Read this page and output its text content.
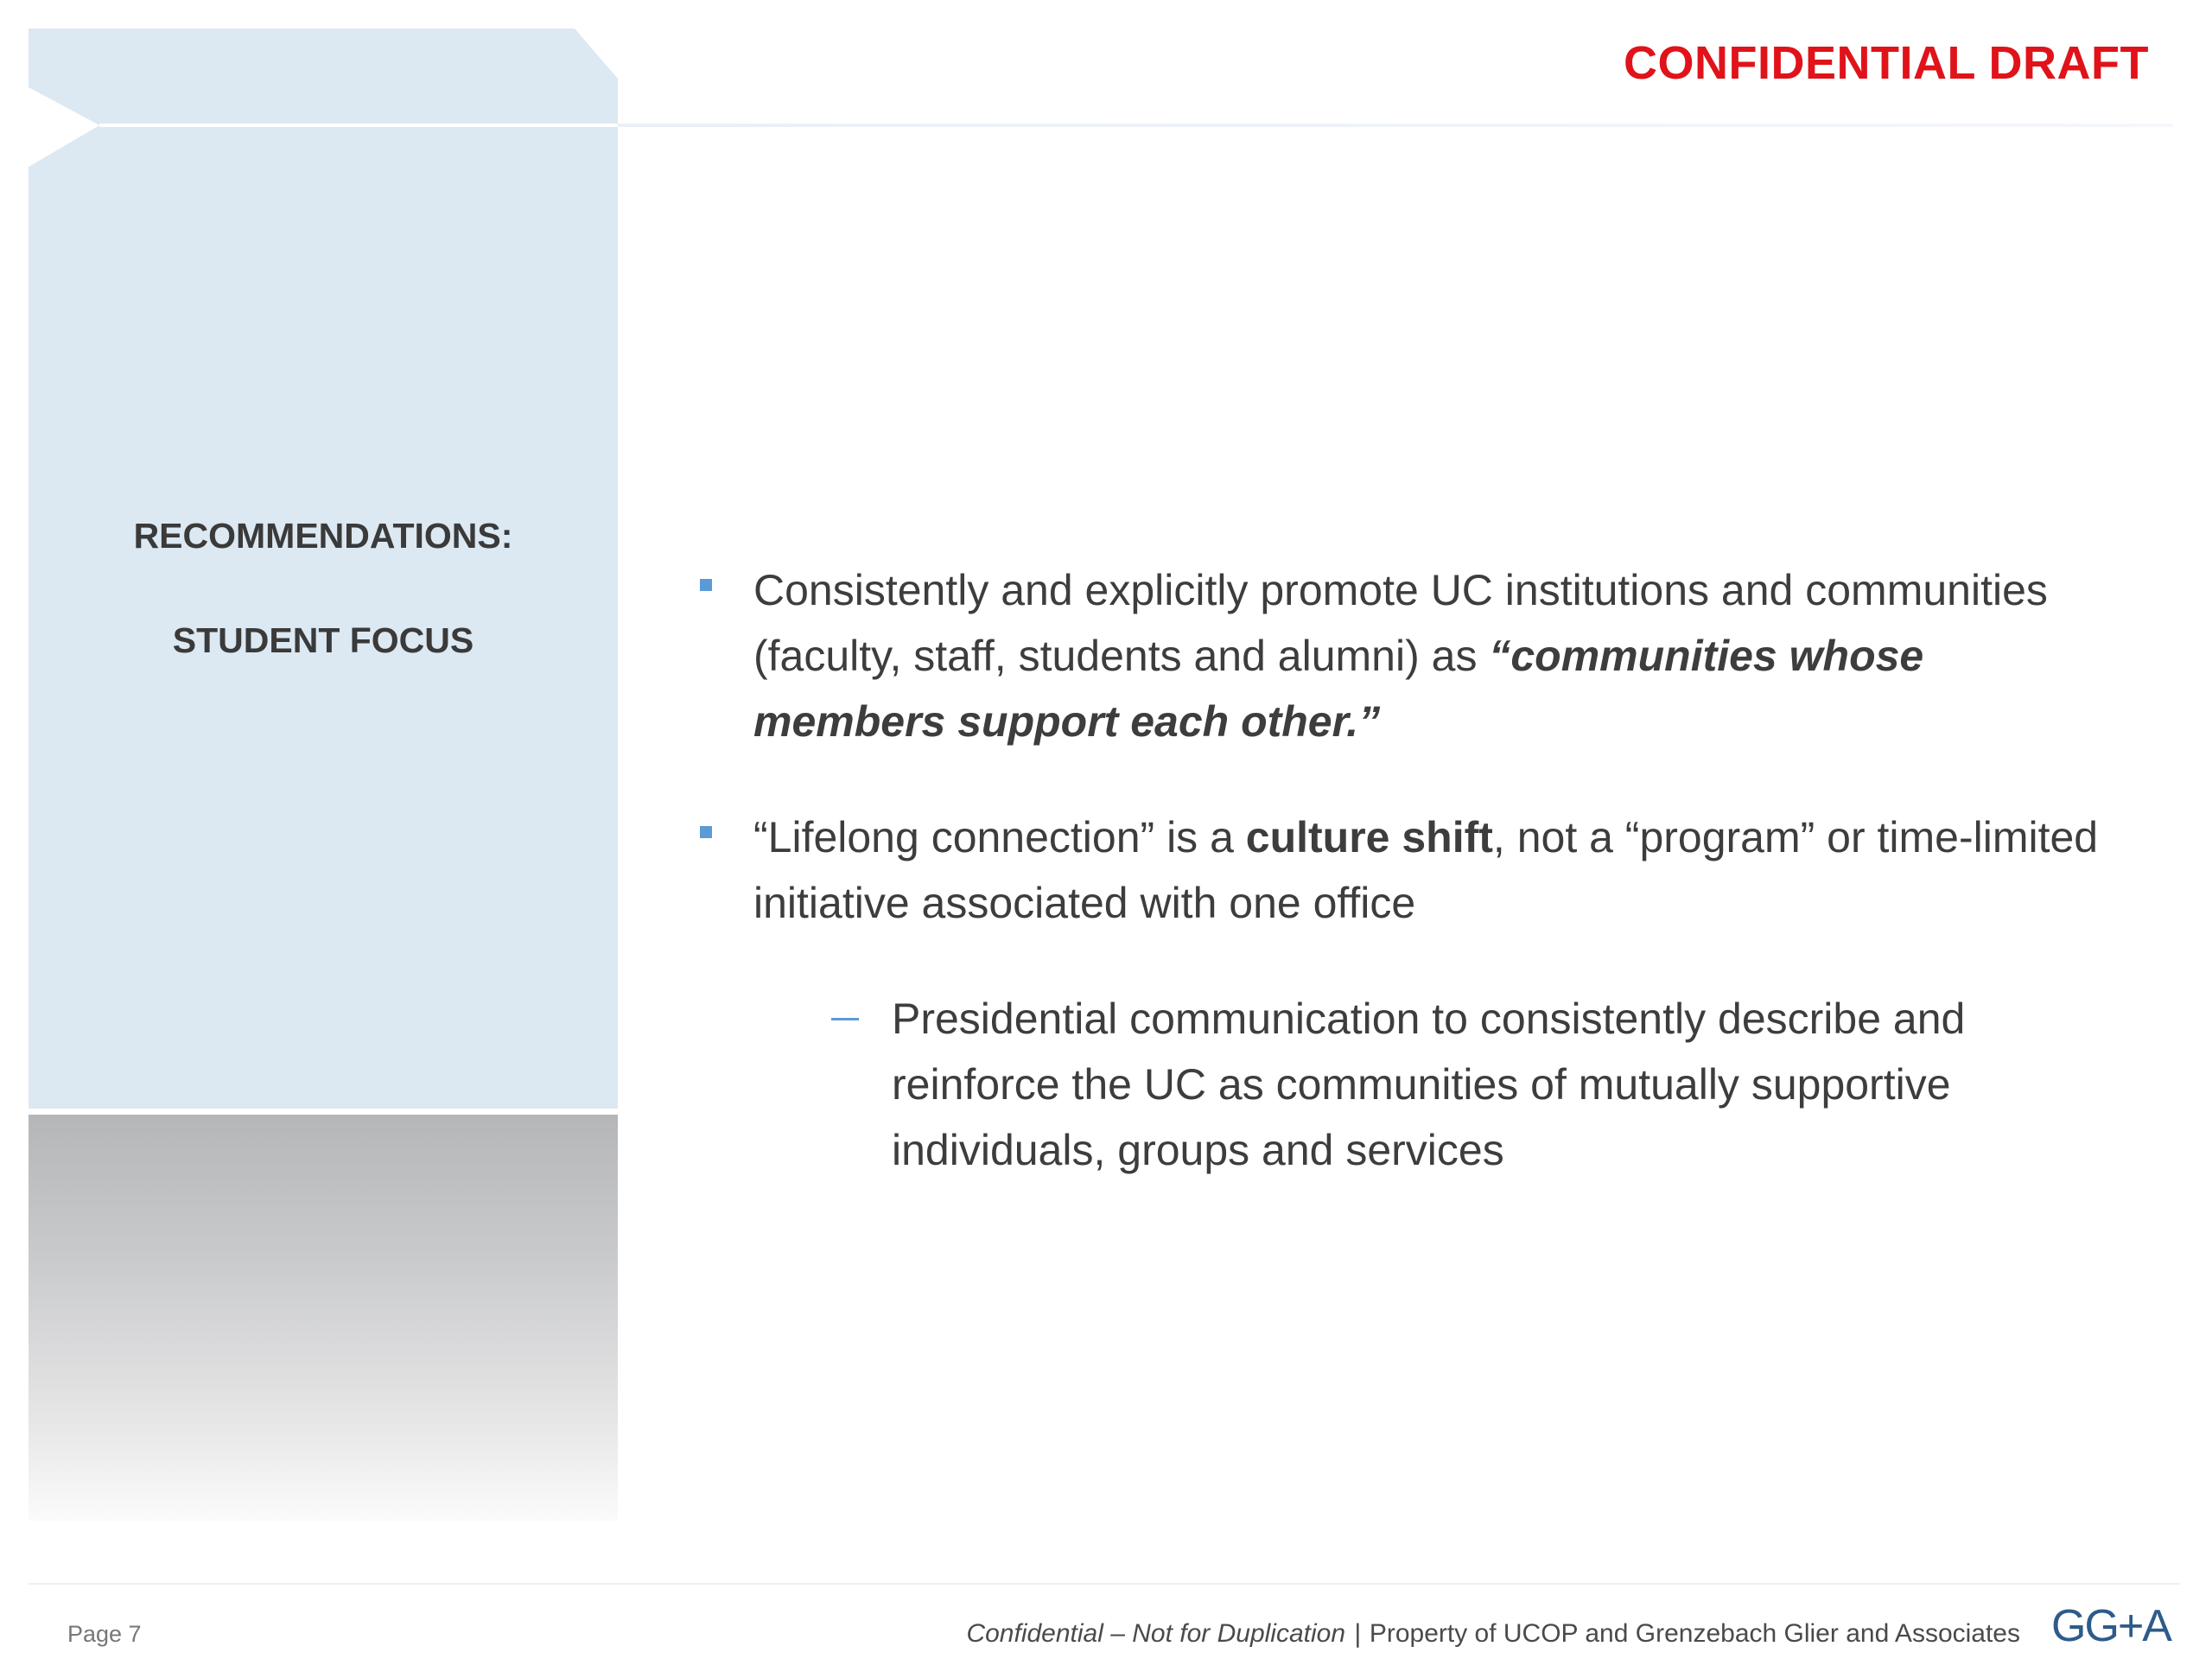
CONFIDENTIAL DRAFT
RECOMMENDATIONS:
STUDENT FOCUS
Consistently and explicitly promote UC institutions and communities (faculty, staff, students and alumni) as “communities whose members support each other.”
“Lifelong connection” is a culture shift, not a “program” or time-limited initiative associated with one office
Presidential communication to consistently describe and reinforce the UC as communities of mutually supportive individuals, groups and services
Page 7	Confidential – Not for Duplication | Property of UCOP and Grenzebach Glier and Associates GG+A
